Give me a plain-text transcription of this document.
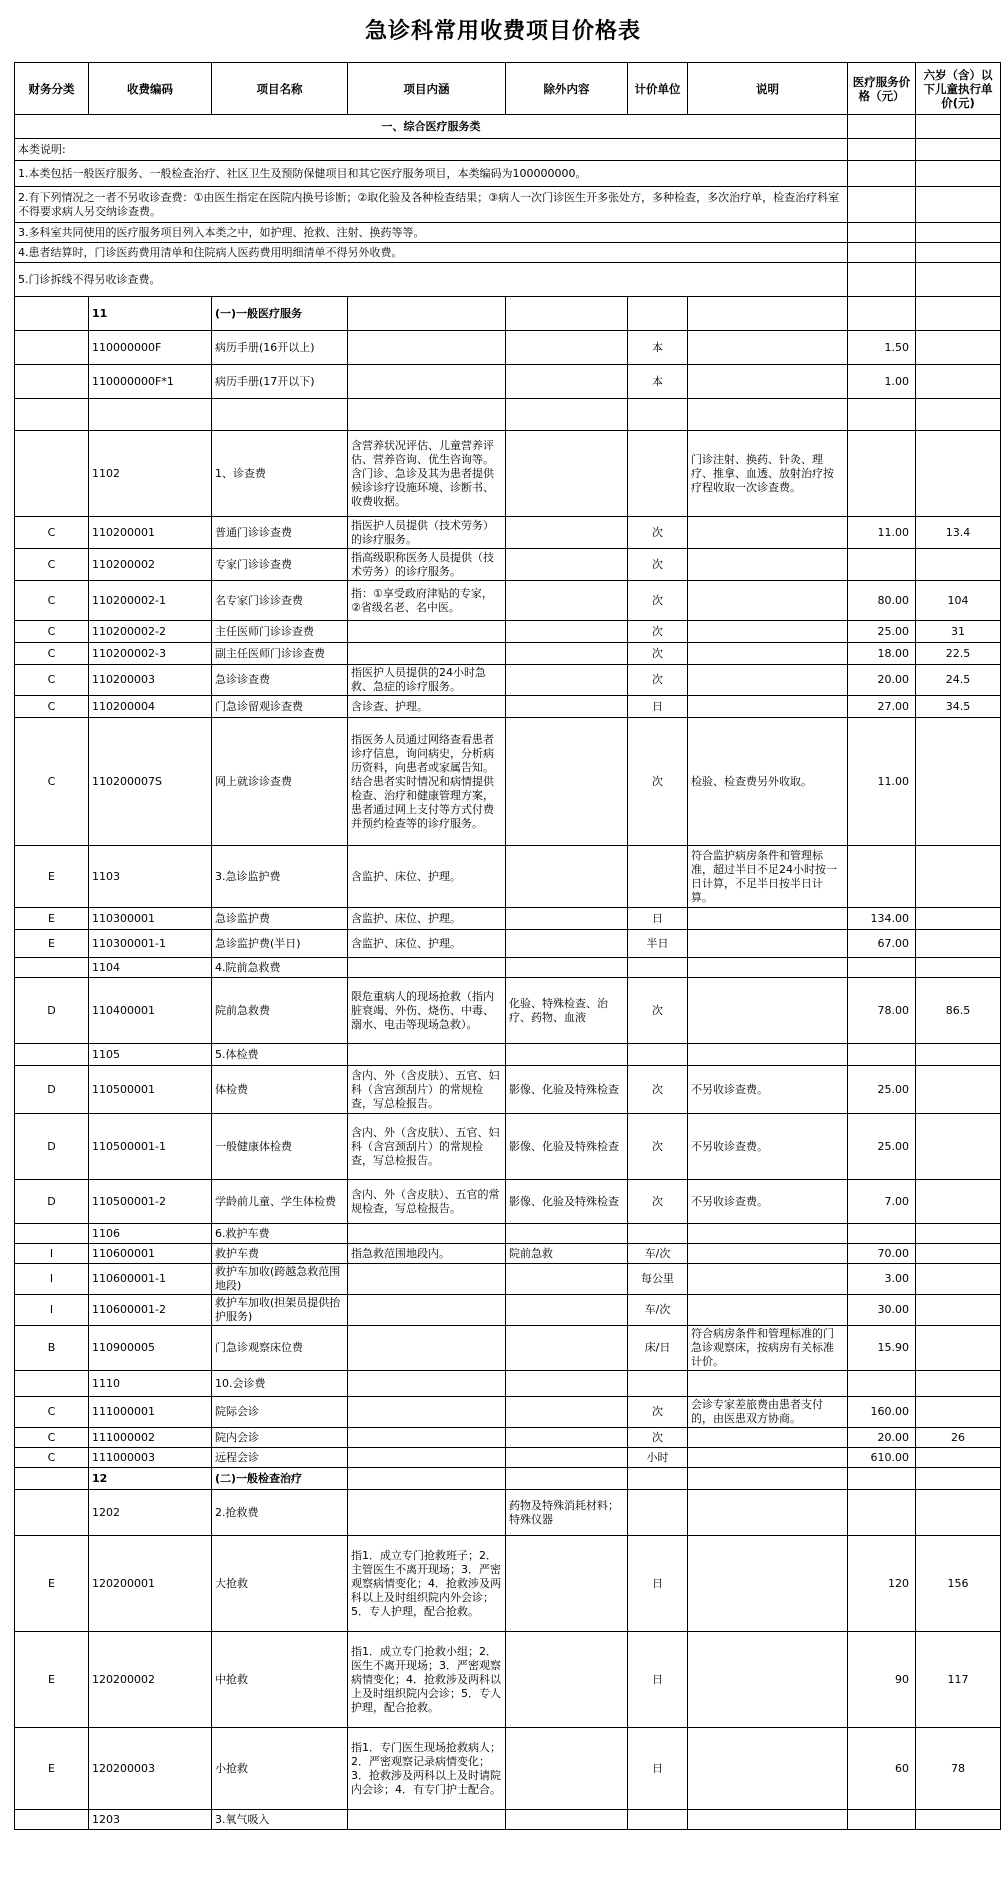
急诊科常用收费项目价格表
财务分类	收费编码	项目名称	项目内涵	除外内容	计价单位	说明	医疗服务价格（元）	六岁（含）以下儿童执行单价(元)
一、综合医疗服务类								
本类说明:								
1.本类包括一般医疗服务、一般检查治疗、社区卫生及预防保健项目和其它医疗服务项目，本类编码为100000000。								
2.有下列情况之一者不另收诊查费：①由医生指定在医院内换号诊断；②取化验及各种检查结果；③病人一次门诊医生开多张处方，多种检查，多次治疗单，检查治疗科室不得要求病人另交纳诊查费。								
3.多科室共同使用的医疗服务项目列入本类之中，如护理、抢救、注射、换药等等。								
4.患者结算时，门诊医药费用清单和住院病人医药费用明细清单不得另外收费。								
5.门诊拆线不得另收诊查费。								
	11	(一)一般医疗服务						
	110000000F	病历手册(16开以上)			本		1.50	
	110000000F*1	病历手册(17开以下)			本		1.00	

	1102	1、诊查费	含营养状况评估、儿童营养评估、营养咨询、优生咨询等。含门诊、急诊及其为患者提供候诊诊疗设施环境、诊断书、收费收据。			门诊注射、换药、针灸、理疗、推拿、血透、放射治疗按疗程收取一次诊查费。		
C	110200001	普通门诊诊查费	指医护人员提供（技术劳务）的诊疗服务。		次		11.00	13.4
C	110200002	专家门诊诊查费	指高级职称医务人员提供（技术劳务）的诊疗服务。		次			
C	110200002-1	名专家门诊诊查费	指：①享受政府津贴的专家，②省级名老、名中医。		次		80.00	104
C	110200002-2	主任医师门诊诊查费			次		25.00	31
C	110200002-3	副主任医师门诊诊查费			次		18.00	22.5
C	110200003	急诊诊查费	指医护人员提供的24小时急救、急症的诊疗服务。		次		20.00	24.5
C	110200004	门急诊留观诊查费	含诊查、护理。		日		27.00	34.5
C	110200007S	网上就诊诊查费	指医务人员通过网络查看患者诊疗信息，询问病史，分析病历资料，向患者或家属告知。结合患者实时情况和病情提供检查、治疗和健康管理方案，患者通过网上支付等方式付费并预约检查等的诊疗服务。		次	检验、检查费另外收取。	11.00	
E	1103	3.急诊监护费	含监护、床位、护理。			符合监护病房条件和管理标准，超过半日不足24小时按一日计算，不足半日按半日计算。		
E	110300001	急诊监护费	含监护、床位、护理。		日		134.00	
E	110300001-1	急诊监护费(半日)	含监护、床位、护理。		半日		67.00	
	1104	4.院前急救费						
D	110400001	院前急救费	限危重病人的现场抢救（指内脏衰竭、外伤、烧伤、中毒、溺水、电击等现场急救）。	化验、特殊检查、治疗、药物、血液	次		78.00	86.5
	1105	5.体检费						
D	110500001	体检费	含内、外（含皮肤）、五官、妇科（含宫颈刮片）的常规检查，写总检报告。	影像、化验及特殊检查	次	不另收诊查费。	25.00	
D	110500001-1	一般健康体检费	含内、外（含皮肤）、五官、妇科（含宫颈刮片）的常规检查，写总检报告。	影像、化验及特殊检查	次	不另收诊查费。	25.00	
D	110500001-2	学龄前儿童、学生体检费	含内、外（含皮肤）、五官的常规检查，写总检报告。	影像、化验及特殊检查	次	不另收诊查费。	7.00	
	1106	6.救护车费						
I	110600001	救护车费	指急救范围地段内。	院前急救	车/次		70.00	
I	110600001-1	救护车加收(跨越急救范围地段)			每公里		3.00	
I	110600001-2	救护车加收(担架员提供抬护服务)			车/次		30.00	
B	110900005	门急诊观察床位费			床/日	符合病房条件和管理标准的门急诊观察床，按病房有关标准计价。	15.90	
	1110	10.会诊费						
C	111000001	院际会诊			次	会诊专家差旅费由患者支付的，由医患双方协商。	160.00	
C	111000002	院内会诊			次		20.00	26
C	111000003	远程会诊			小时		610.00	
	12	(二)一般检查治疗						
	1202	2.抢救费		药物及特殊消耗材料；特殊仪器				
E	120200001	大抢救	指1．成立专门抢救班子；2．主管医生不离开现场；3．严密观察病情变化；4．抢救涉及两科以上及时组织院内外会诊；5．专人护理，配合抢救。		日		120	156
E	120200002	中抢救	指1．成立专门抢救小组；2．医生不离开现场；3．严密观察病情变化；4．抢救涉及两科以上及时组织院内会诊；5．专人护理，配合抢救。		日		90	117
E	120200003	小抢救	指1．专门医生现场抢救病人；2．严密观察记录病情变化；3．抢救涉及两科以上及时请院内会诊；4．有专门护士配合。		日		60	78
	1203	3.氧气吸入						
